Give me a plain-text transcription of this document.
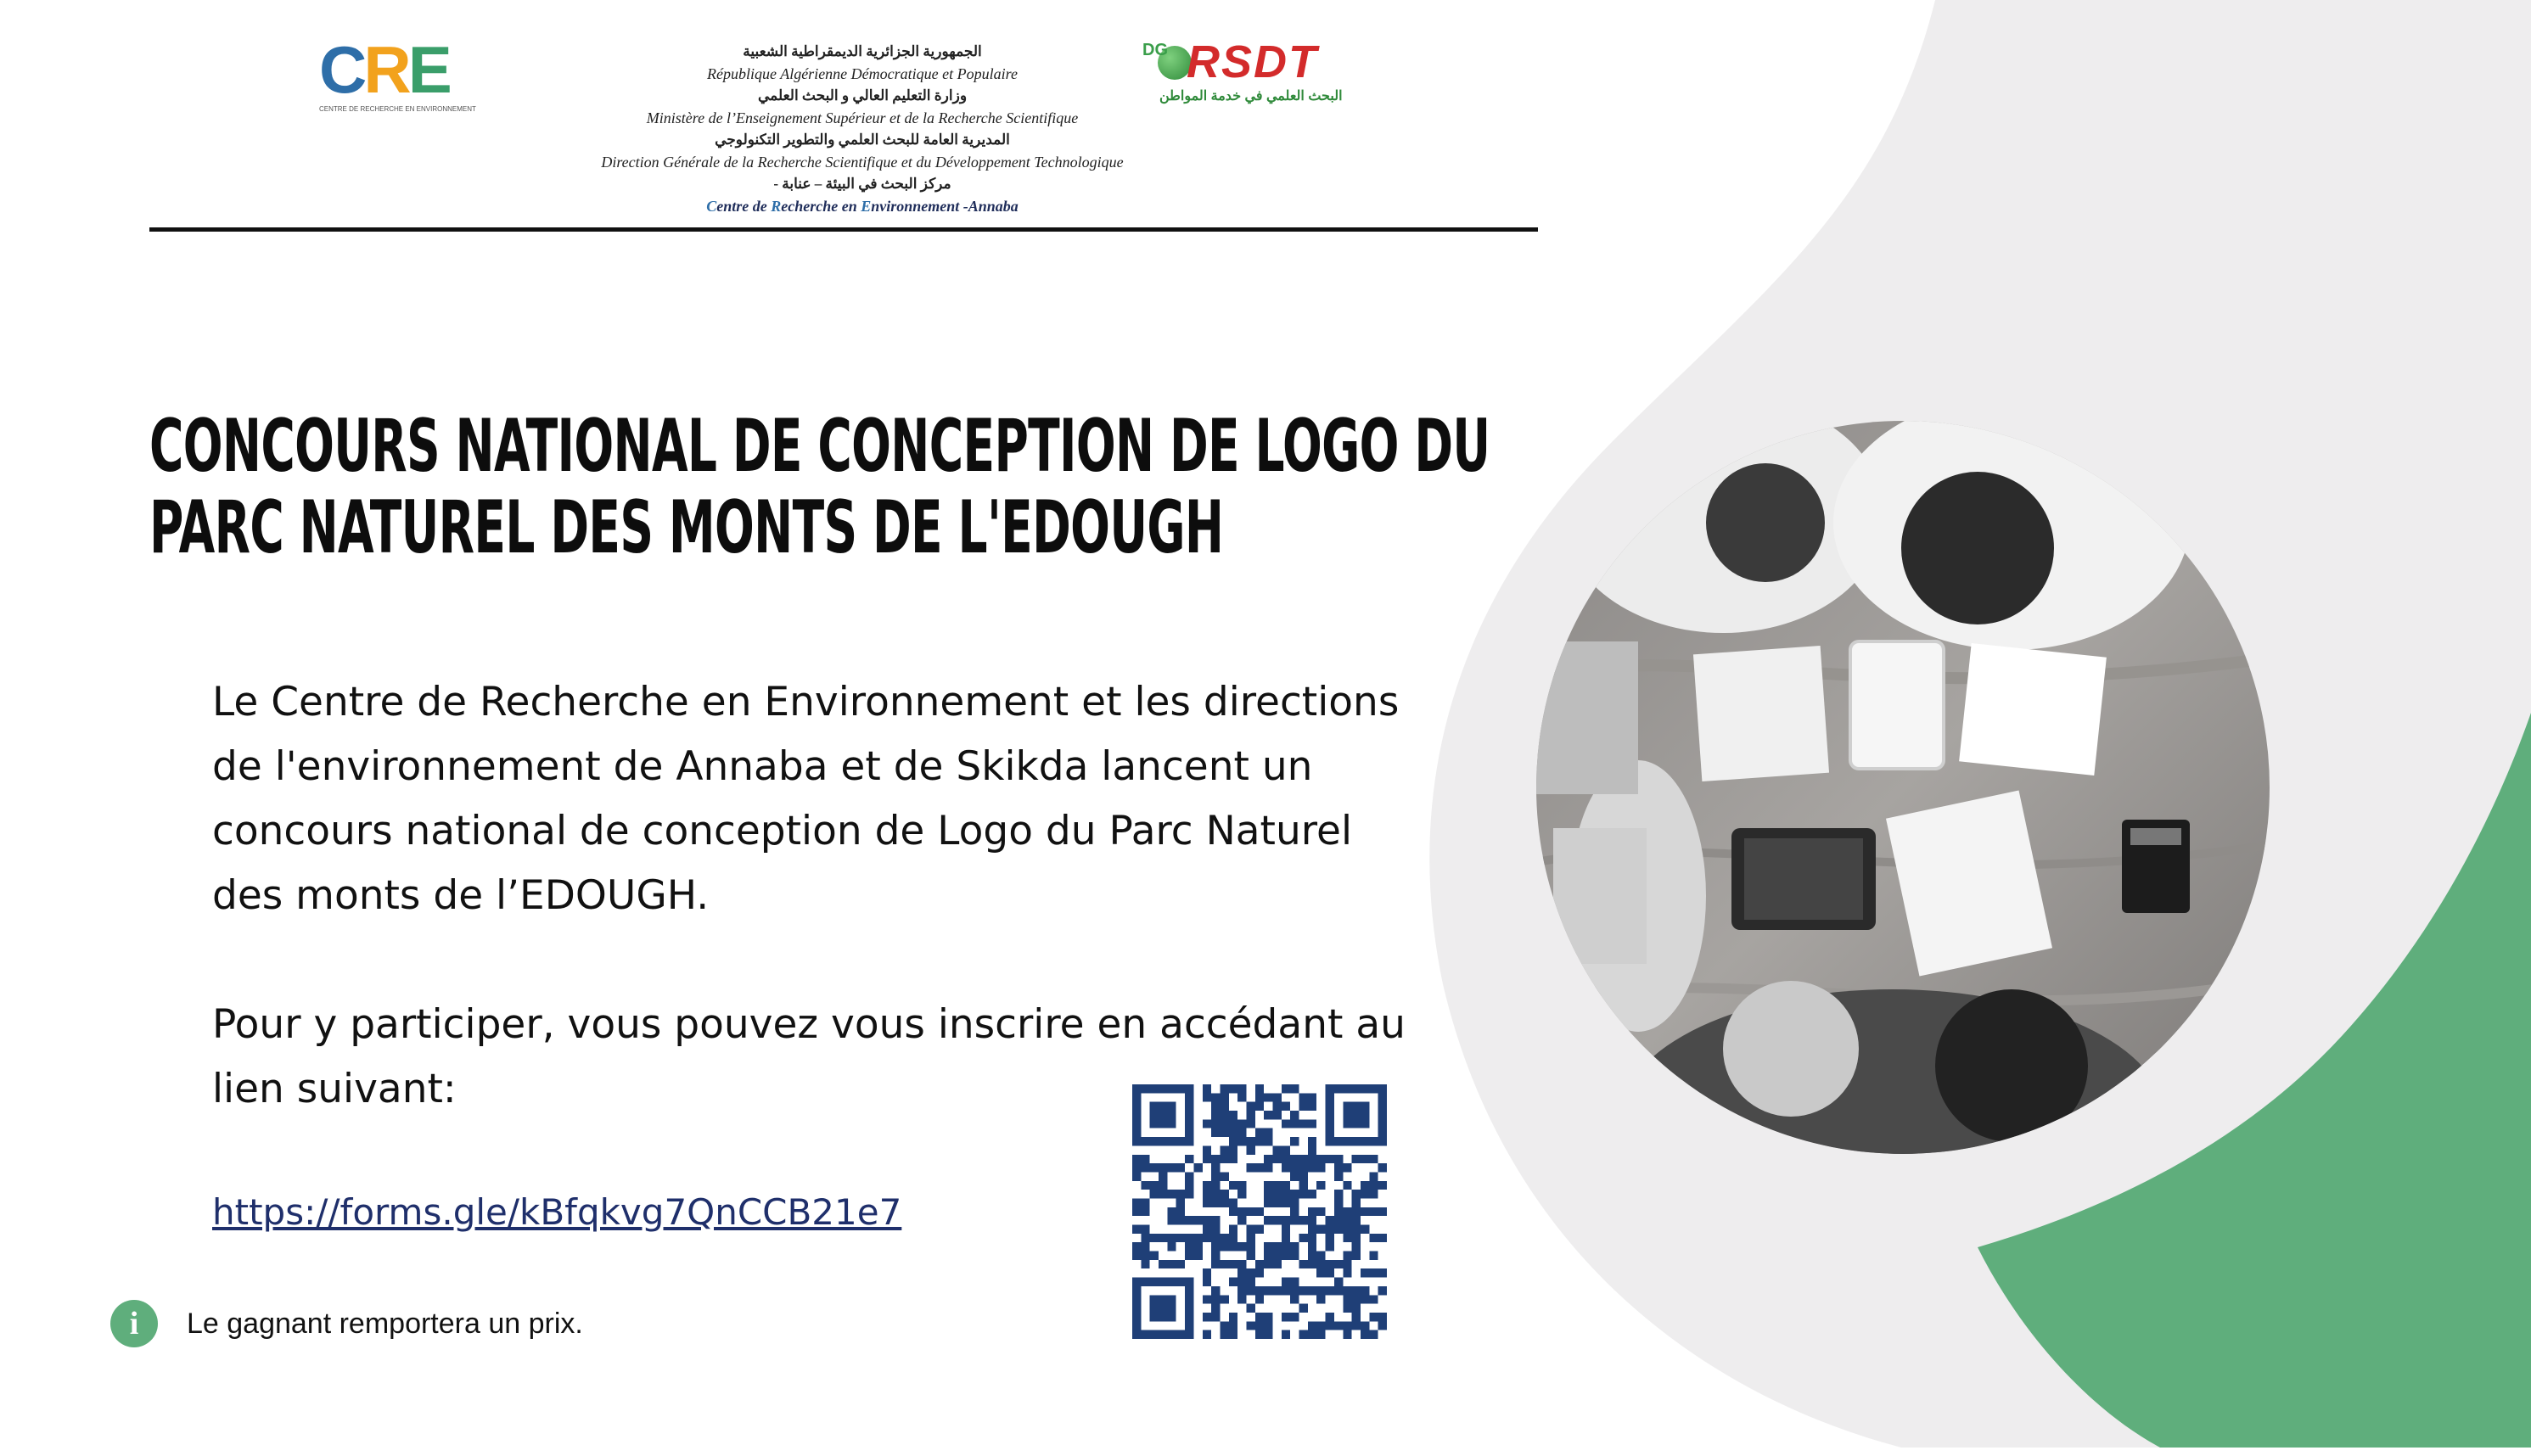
CRE
CENTRE DE RECHERCHE EN ENVIRONNEMENT
الجمهورية الجزائرية الديمقراطية الشعبية
République Algérienne Démocratique et Populaire
وزارة التعليم العالي و البحث العلمي
Ministère de l’Enseignement Supérieur et de la Recherche Scientifique
المديرية العامة للبحث العلمي والتطوير التكنولوجي
Direction Générale de la Recherche Scientifique et du Développement Technologique
مركز البحث في البيئة – عنابة -
Centre de Recherche en Environnement -Annaba
DG RSDT
البحث العلمي في خدمة المواطن
CONCOURS NATIONAL DE CONCEPTION DE LOGO DU
PARC NATUREL DES MONTS DE L'EDOUGH

Le Centre de Recherche en Environnement et les directions de l'environnement de Annaba et de Skikda lancent un concours national de conception de Logo du Parc Naturel des monts de l’EDOUGH.

Pour y participer, vous pouvez vous inscrire en accédant au lien suivant:

https://forms.gle/kBfqkvg7QnCCB21e7
i	Le gagnant remportera un prix.
